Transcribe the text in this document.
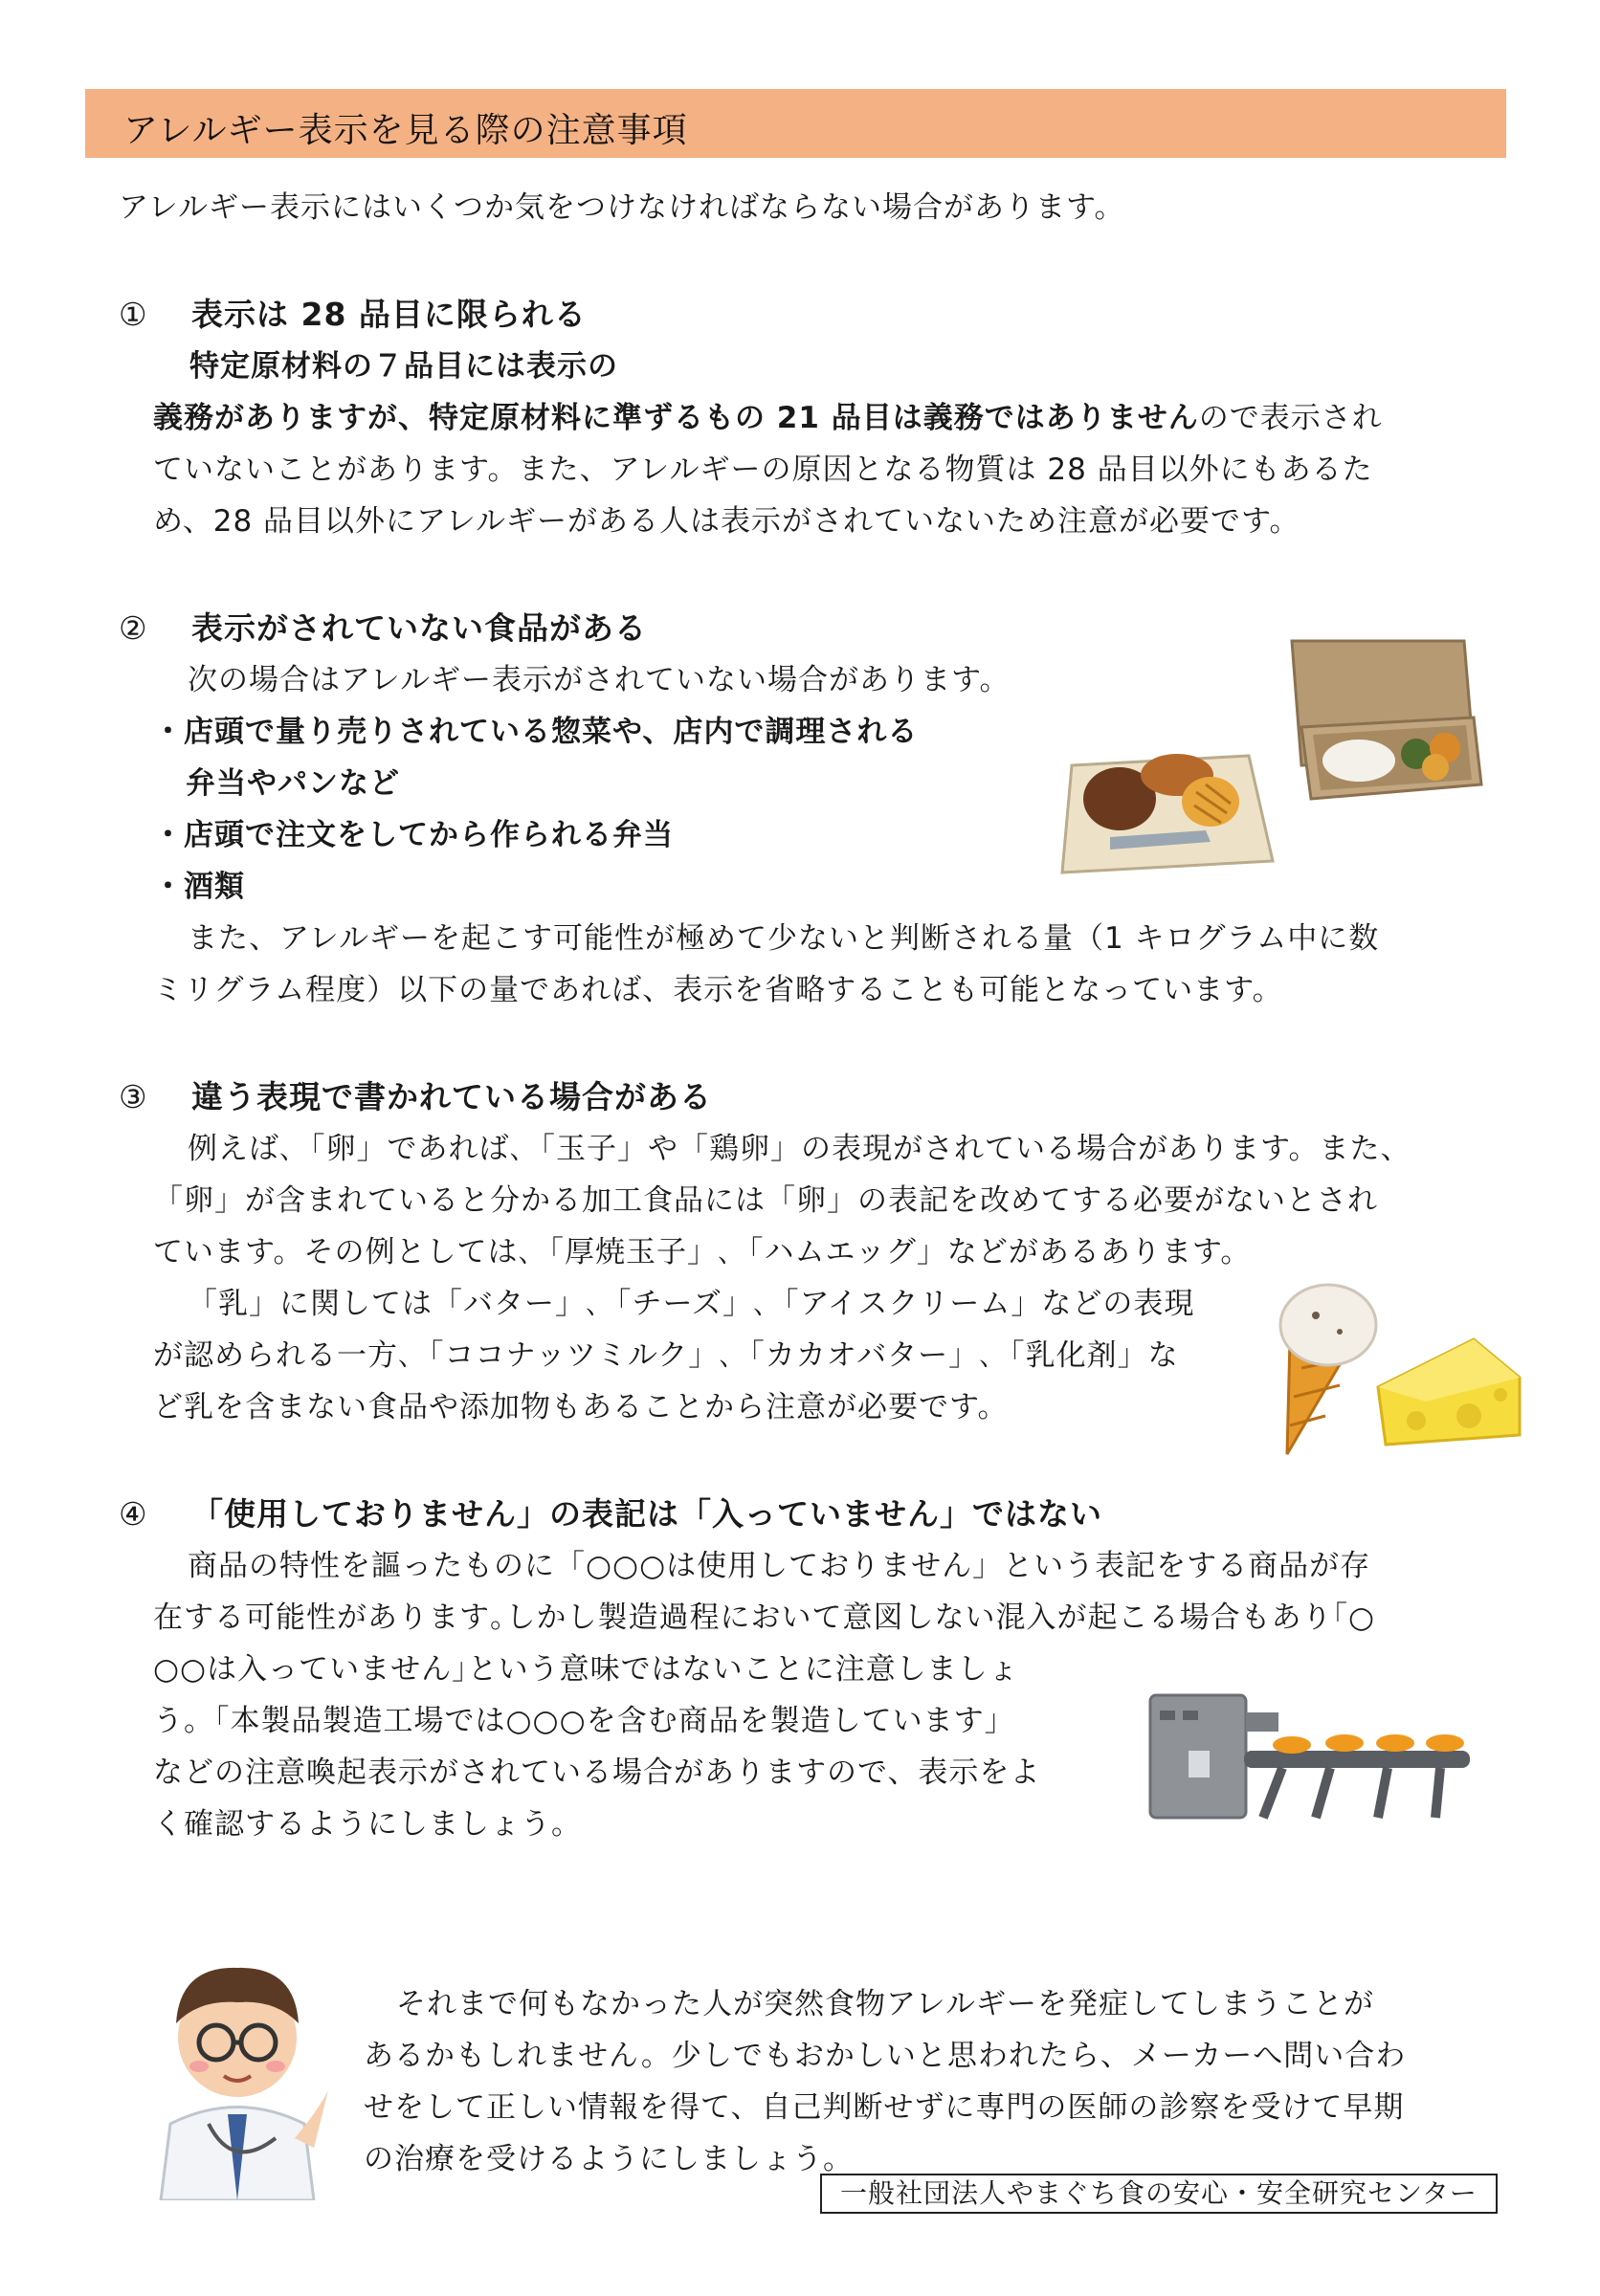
アレルギー表示を見る際の注意事項
アレルギー表示にはいくつか気をつけなければならない場合があります。
① 表示は 28 品目に限られる
特定原材料の７品目には表示の
義務がありますが、特定原材料に準ずるもの 21 品目は義務ではありませんので表示され
ていないことがあります。また、アレルギーの原因となる物質は 28 品目以外にもあるた
め、28 品目以外にアレルギーがある人は表示がされていないため注意が必要です。
② 表示がされていない食品がある
次の場合はアレルギー表示がされていない場合があります。
・店頭で量り売りされている惣菜や、店内で調理される
弁当やパンなど
・店頭で注文をしてから作られる弁当
・酒類
また、アレルギーを起こす可能性が極めて少ないと判断される量（1 キログラム中に数
ミリグラム程度）以下の量であれば、表示を省略することも可能となっています。
③ 違う表現で書かれている場合がある
例えば､「卵」であれば､「玉子」や「鶏卵」の表現がされている場合があります。また、
「卵」が含まれていると分かる加工食品には「卵」の表記を改めてする必要がないとされ
ています。その例としては､「厚焼玉子」､「ハムエッグ」などがあるあります。
「乳」に関しては「バター」､「チーズ」､「アイスクリーム」などの表現
が認められる一方､「ココナッツミルク」､「カカオバター」､「乳化剤」な
ど乳を含まない食品や添加物もあることから注意が必要です。
④ 「使用しておりません」の表記は「入っていません」ではない
商品の特性を謳ったものに「○○○は使用しておりません」という表記をする商品が存
在する可能性があります｡しかし製造過程において意図しない混入が起こる場合もあり｢○
○○は入っていません｣という意味ではないことに注意しましょ
う｡「本製品製造工場では○○○を含む商品を製造しています」
などの注意喚起表示がされている場合がありますので、表示をよ
く確認するようにしましょう。
それまで何もなかった人が突然食物アレルギーを発症してしまうことが
あるかもしれません。少しでもおかしいと思われたら、メーカーへ問い合わ
せをして正しい情報を得て、自己判断せずに専門の医師の診察を受けて早期
の治療を受けるようにしましょう。
一般社団法人やまぐち食の安心・安全研究センター
